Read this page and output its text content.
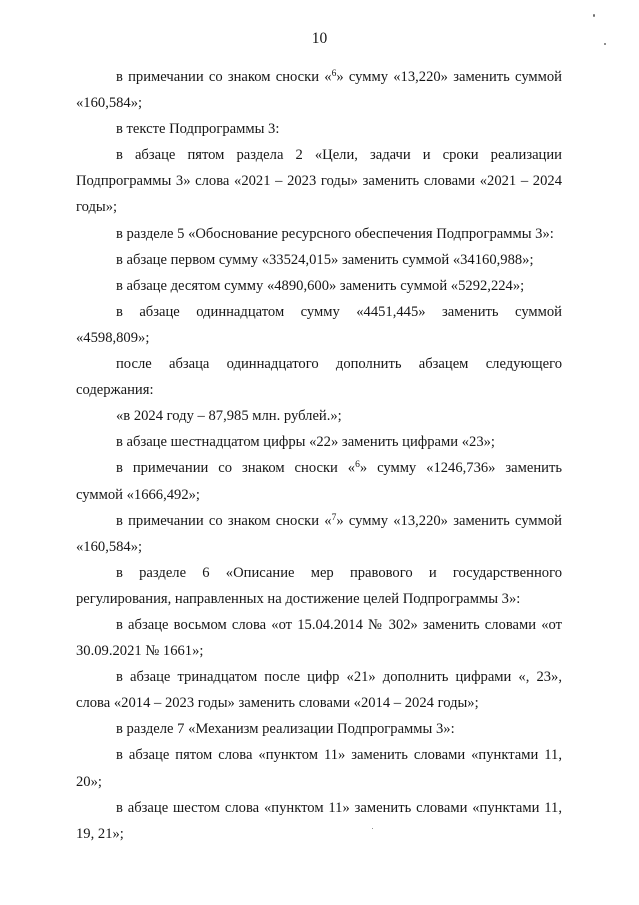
10

в примечании со знаком сноски «$^6$» сумму «13,220» заменить суммой «160,584»;

в тексте Подпрограммы 3:

в абзаце пятом раздела 2 «Цели, задачи и сроки реализации Подпрограммы 3» слова «2021 – 2023 годы» заменить словами «2021 – 2024 годы»;

в разделе 5 «Обоснование ресурсного обеспечения Подпрограммы 3»:

в абзаце первом сумму «33524,015» заменить суммой «34160,988»;

в абзаце десятом сумму «4890,600» заменить суммой «5292,224»;

в абзаце одиннадцатом сумму «4451,445» заменить суммой «4598,809»;

после абзаца одиннадцатого дополнить абзацем следующего содержания:

«в 2024 году – 87,985 млн. рублей.»;

в абзаце шестнадцатом цифры «22» заменить цифрами «23»;

в примечании со знаком сноски «$^6$» сумму «1246,736» заменить суммой «1666,492»;

в примечании со знаком сноски «$^7$» сумму «13,220» заменить суммой «160,584»;

в разделе 6 «Описание мер правового и государственного регулирования, направленных на достижение целей Подпрограммы 3»:

в абзаце восьмом слова «от 15.04.2014 № 302» заменить словами «от 30.09.2021 № 1661»;

в абзаце тринадцатом после цифр «21» дополнить цифрами «, 23», слова «2014 – 2023 годы» заменить словами «2014 – 2024 годы»;

в разделе 7 «Механизм реализации Подпрограммы 3»:

в абзаце пятом слова «пунктом 11» заменить словами «пунктами 11, 20»;

в абзаце шестом слова «пунктом 11» заменить словами «пунктами 11, 19, 21»;
